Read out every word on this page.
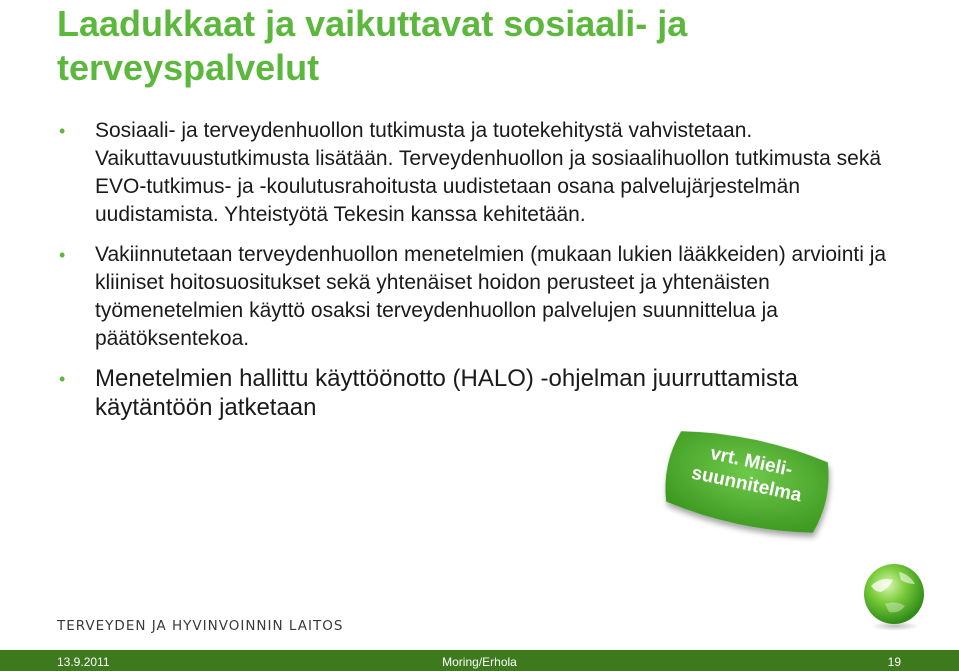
Laadukkaat ja vaikuttavat sosiaali- ja terveyspalvelut
• Sosiaali- ja terveydenhuollon tutkimusta ja tuotekehitystä vahvistetaan. Vaikuttavuustutkimusta lisätään. Terveydenhuollon ja sosiaalihuollon tutkimusta sekä EVO-tutkimus- ja -koulutusrahoitusta uudistetaan osana palvelujärjestelmän uudistamista. Yhteistyötä Tekesin kanssa kehitetään.
• Vakiinnutetaan terveydenhuollon menetelmien (mukaan lukien lääkkeiden) arviointi ja kliiniset hoitosuositukset sekä yhtenäiset hoidon perusteet ja yhtenäisten työmenetelmien käyttö osaksi terveydenhuollon palvelujen suunnittelua ja päätöksentekoa.
• Menetelmien hallittu käyttöönotto (HALO) -ohjelman juurruttamista käytäntöön jatketaan
vrt. Mieli-
suunnitelma
TERVEYDEN JA HYVINVOINNIN LAITOS
13.9.2011	Moring/Erholа	19
